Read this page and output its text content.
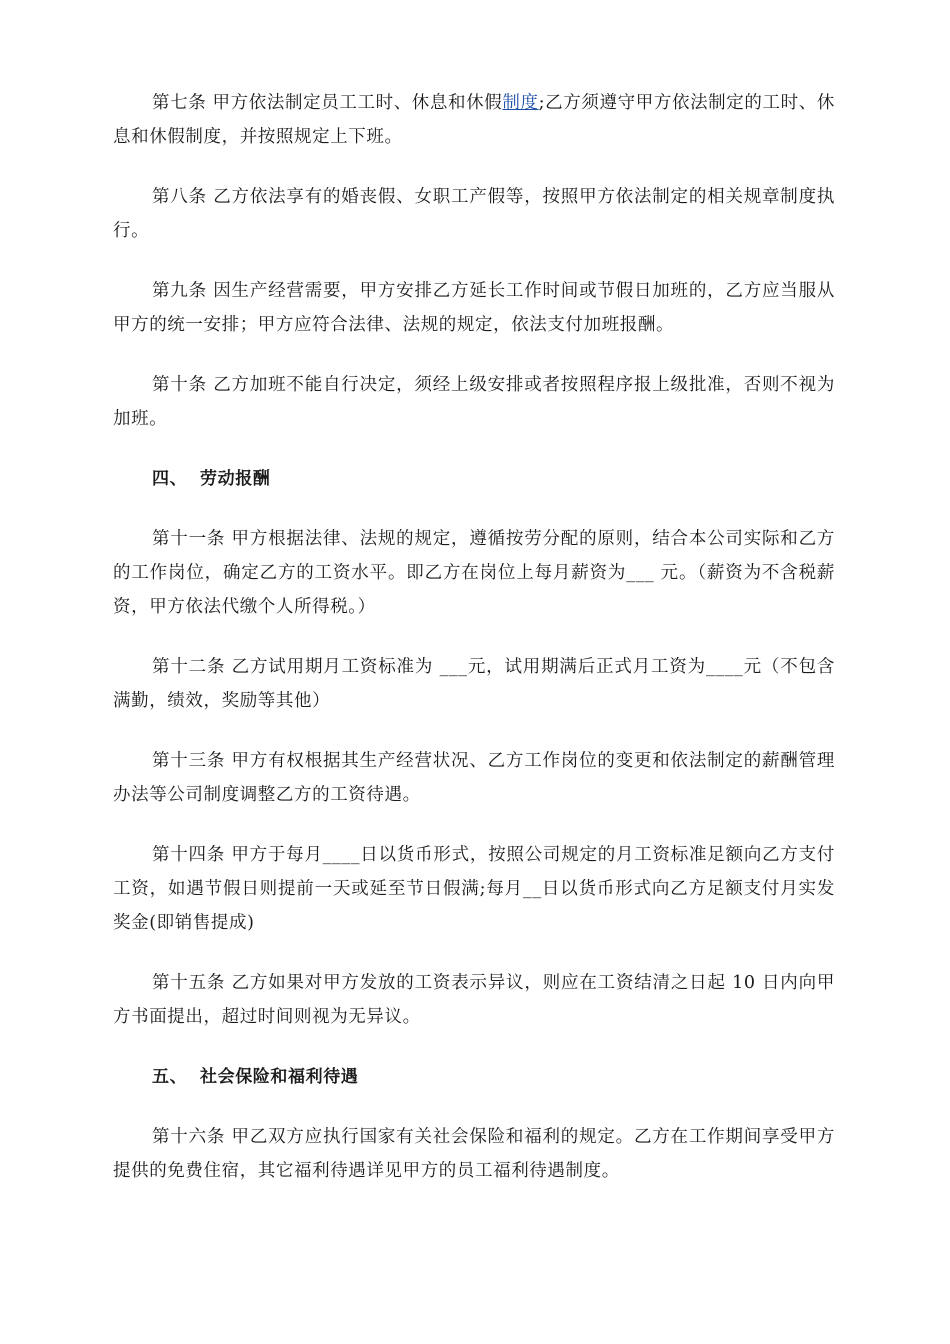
第七条 甲方依法制定员工工时、休息和休假制度;乙方须遵守甲方依法制定的工时、休息和休假制度，并按照规定上下班。

第八条 乙方依法享有的婚丧假、女职工产假等，按照甲方依法制定的相关规章制度执行。

第九条 因生产经营需要，甲方安排乙方延长工作时间或节假日加班的，乙方应当服从甲方的统一安排；甲方应符合法律、法规的规定，依法支付加班报酬。

第十条 乙方加班不能自行决定，须经上级安排或者按照程序报上级批准，否则不视为加班。

四、 劳动报酬

第十一条 甲方根据法律、法规的规定，遵循按劳分配的原则，结合本公司实际和乙方的工作岗位，确定乙方的工资水平。即乙方在岗位上每月薪资为___ 元。（薪资为不含税薪资，甲方依法代缴个人所得税。）

第十二条 乙方试用期月工资标准为 ___元，试用期满后正式月工资为____元（不包含满勤，绩效，奖励等其他）

第十三条 甲方有权根据其生产经营状况、乙方工作岗位的变更和依法制定的薪酬管理办法等公司制度调整乙方的工资待遇。

第十四条 甲方于每月____日以货币形式，按照公司规定的月工资标准足额向乙方支付工资，如遇节假日则提前一天或延至节日假满;每月__日以货币形式向乙方足额支付月实发奖金(即销售提成)

第十五条 乙方如果对甲方发放的工资表示异议，则应在工资结清之日起 10 日内向甲方书面提出，超过时间则视为无异议。

五、 社会保险和福利待遇

第十六条 甲乙双方应执行国家有关社会保险和福利的规定。乙方在工作期间享受甲方提供的免费住宿，其它福利待遇详见甲方的员工福利待遇制度。
